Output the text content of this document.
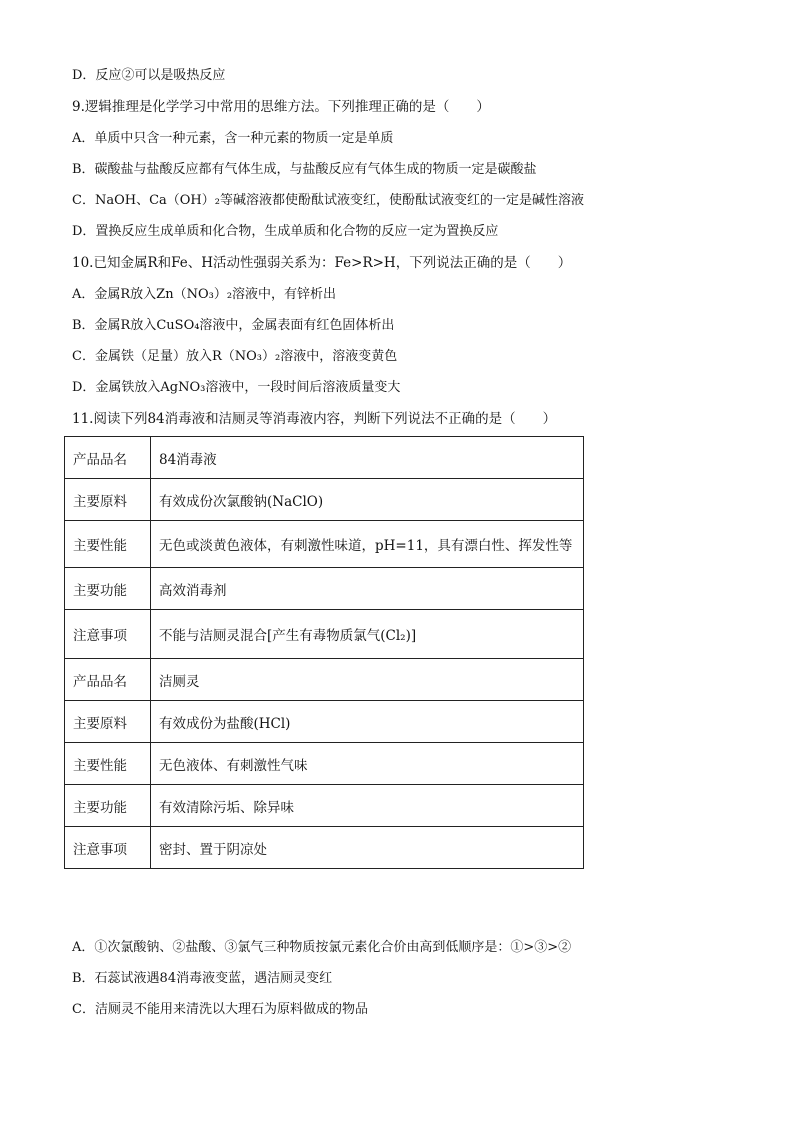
D．反应②可以是吸热反应
9.逻辑推理是化学学习中常用的思维方法。下列推理正确的是（　　）
A．单质中只含一种元素，含一种元素的物质一定是单质
B．碳酸盐与盐酸反应都有气体生成，与盐酸反应有气体生成的物质一定是碳酸盐
C．NaOH、Ca（OH）₂等碱溶液都使酚酞试液变红，使酚酞试液变红的一定是碱性溶液
D．置换反应生成单质和化合物，生成单质和化合物的反应一定为置换反应
10.已知金属R和Fe、H活动性强弱关系为：Fe>R>H，下列说法正确的是（　　）
A．金属R放入Zn（NO₃）₂溶液中，有锌析出
B．金属R放入CuSO₄溶液中，金属表面有红色固体析出
C．金属铁（足量）放入R（NO₃）₂溶液中，溶液变黄色
D．金属铁放入AgNO₃溶液中，一段时间后溶液质量变大
11.阅读下列84消毒液和洁厕灵等消毒液内容，判断下列说法不正确的是（　　）
产品品名	84消毒液
主要原料	有效成份次氯酸钠(NaClO)
主要性能	无色或淡黄色液体，有刺激性味道，pH=11，具有漂白性、挥发性等
主要功能	高效消毒剂
注意事项	不能与洁厕灵混合[产生有毒物质氯气(Cl₂)]
产品品名	洁厕灵
主要原料	有效成份为盐酸(HCl)
主要性能	无色液体、有刺激性气味
主要功能	有效清除污垢、除异味
注意事项	密封、置于阴凉处
A．①次氯酸钠、②盐酸、③氯气三种物质按氯元素化合价由高到低顺序是：①>③>②
B．石蕊试液遇84消毒液变蓝，遇洁厕灵变红
C．洁厕灵不能用来清洗以大理石为原料做成的物品
